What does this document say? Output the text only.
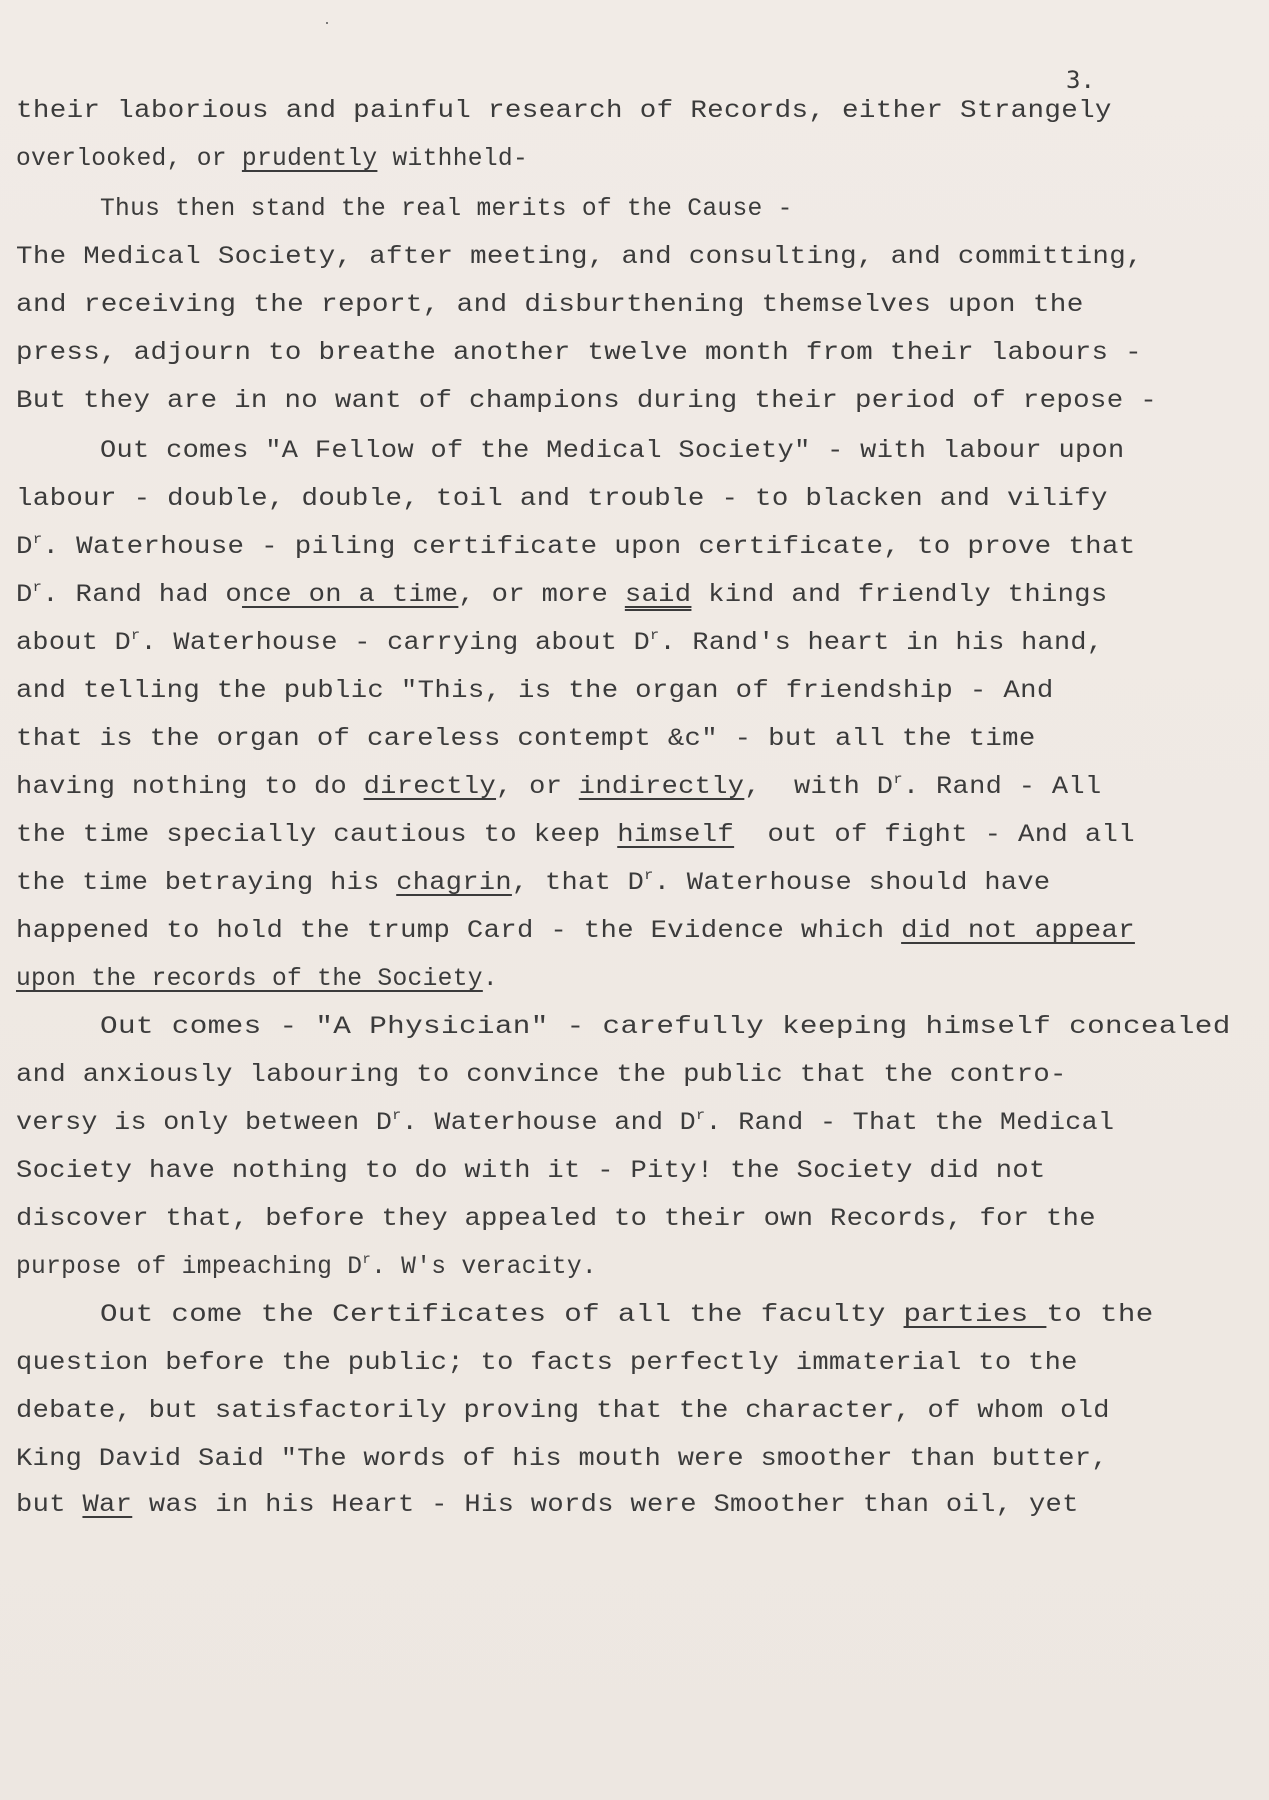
3.
their laborious and painful research of Records, either Strangely
overlooked, or prudently withheld-
Thus then stand the real merits of the Cause -
The Medical Society, after meeting, and consulting, and committing,
and receiving the report, and disburthening themselves upon the
press, adjourn to breathe another twelve month from their labours -
But they are in no want of champions during their period of repose -
Out comes "A Fellow of the Medical Society" - with labour upon
labour - double, double, toil and trouble - to blacken and vilify
$D^r$. Waterhouse - piling certificate upon certificate, to prove that
$D^r$. Rand had once on a time, or more said kind and friendly things
about $D^r$. Waterhouse - carrying about $D^r$. Rand's heart in his hand,
and telling the public "This, is the organ of friendship - And
that is the organ of careless contempt &c" - but all the time
having nothing to do directly, or indirectly,  with $D^r$. Rand - All
the time specially cautious to keep himself  out of fight - And all
the time betraying his chagrin, that $D^r$. Waterhouse should have
happened to hold the trump Card - the Evidence which did not appear
upon the records of the Society.
Out comes - "A Physician" - carefully keeping himself concealed
and anxiously labouring to convince the public that the contro-
versy is only between $D^r$. Waterhouse and $D^r$. Rand - That the Medical
Society have nothing to do with it - Pity! the Society did not
discover that, before they appealed to their own Records, for the
purpose of impeaching $D^r$. W's veracity.
Out come the Certificates of all the faculty parties to the
question before the public; to facts perfectly immaterial to the
debate, but satisfactorily proving that the character, of whom old
King David Said "The words of his mouth were smoother than butter,
but War was in his Heart - His words were Smoother than oil, yet
